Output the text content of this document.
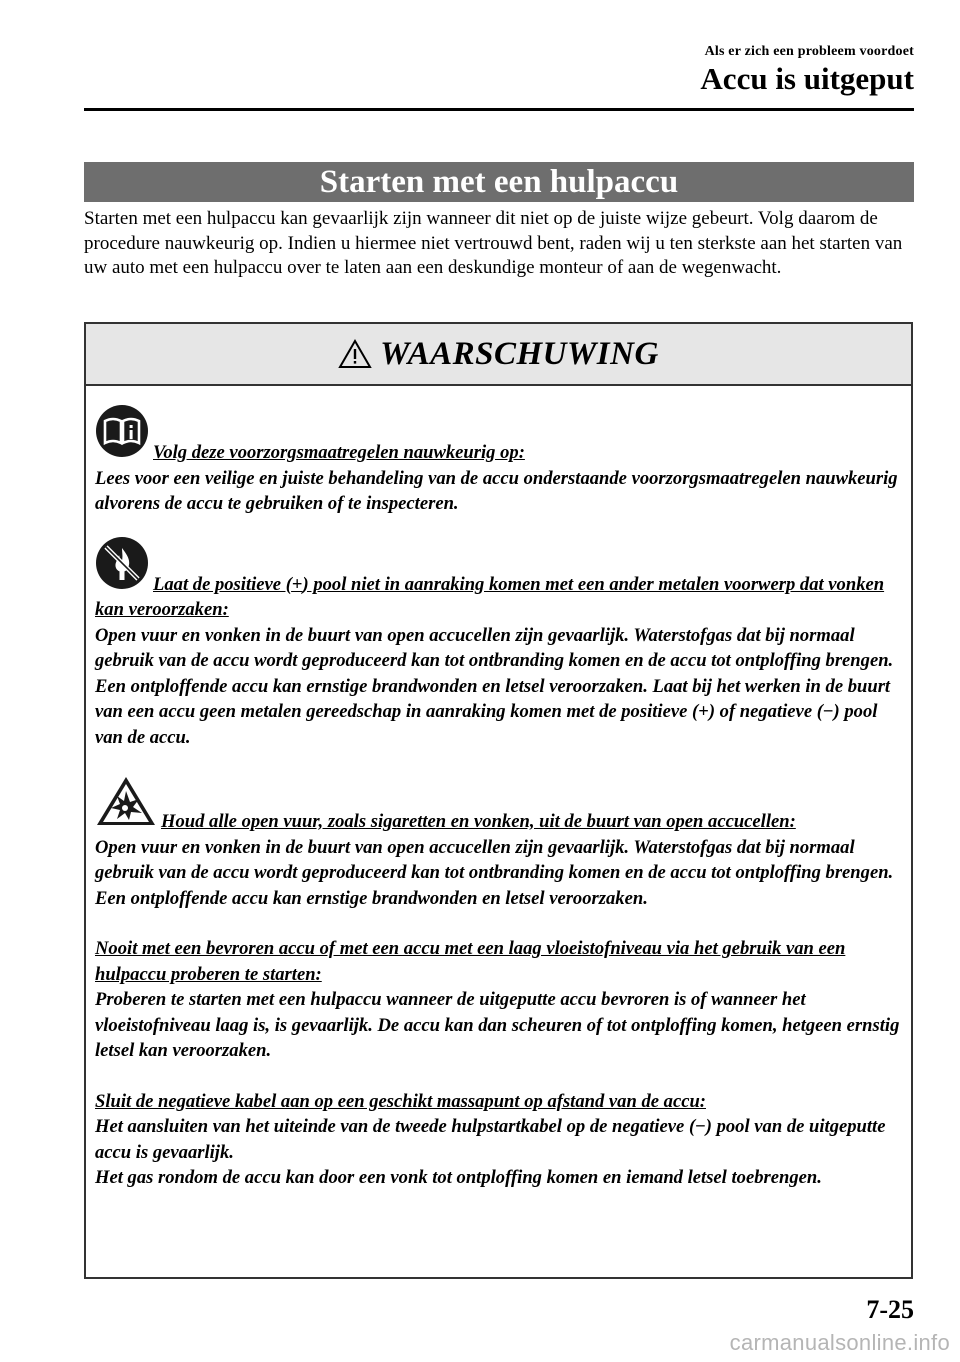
Als er zich een probleem voordoet
Accu is uitgeput
Starten met een hulpaccu
Starten met een hulpaccu kan gevaarlijk zijn wanneer dit niet op de juiste wijze gebeurt. Volg daarom de procedure nauwkeurig op. Indien u hiermee niet vertrouwd bent, raden wij u ten sterkste aan het starten van uw auto met een hulpaccu over te laten aan een deskundige monteur of aan de wegenwacht.
WAARSCHUWING
Volg deze voorzorgsmaatregelen nauwkeurig op:
Lees voor een veilige en juiste behandeling van de accu onderstaande voorzorgsmaatregelen nauwkeurig alvorens de accu te gebruiken of te inspecteren.
Laat de positieve (+) pool niet in aanraking komen met een ander metalen voorwerp dat vonken kan veroorzaken:
Open vuur en vonken in de buurt van open accucellen zijn gevaarlijk. Waterstofgas dat bij normaal gebruik van de accu wordt geproduceerd kan tot ontbranding komen en de accu tot ontploffing brengen. Een ontploffende accu kan ernstige brandwonden en letsel veroorzaken. Laat bij het werken in de buurt van een accu geen metalen gereedschap in aanraking komen met de positieve (+) of negatieve (−) pool van de accu.
Houd alle open vuur, zoals sigaretten en vonken, uit de buurt van open accucellen:
Open vuur en vonken in de buurt van open accucellen zijn gevaarlijk. Waterstofgas dat bij normaal gebruik van de accu wordt geproduceerd kan tot ontbranding komen en de accu tot ontploffing brengen. Een ontploffende accu kan ernstige brandwonden en letsel veroorzaken.
Nooit met een bevroren accu of met een accu met een laag vloeistofniveau via het gebruik van een hulpaccu proberen te starten:
Proberen te starten met een hulpaccu wanneer de uitgeputte accu bevroren is of wanneer het vloeistofniveau laag is, is gevaarlijk. De accu kan dan scheuren of tot ontploffing komen, hetgeen ernstig letsel kan veroorzaken.
Sluit de negatieve kabel aan op een geschikt massapunt op afstand van de accu:
Het aansluiten van het uiteinde van de tweede hulpstartkabel op de negatieve (−) pool van de uitgeputte accu is gevaarlijk.
Het gas rondom de accu kan door een vonk tot ontploffing komen en iemand letsel toebrengen.
7-25
carmanualsonline.info
